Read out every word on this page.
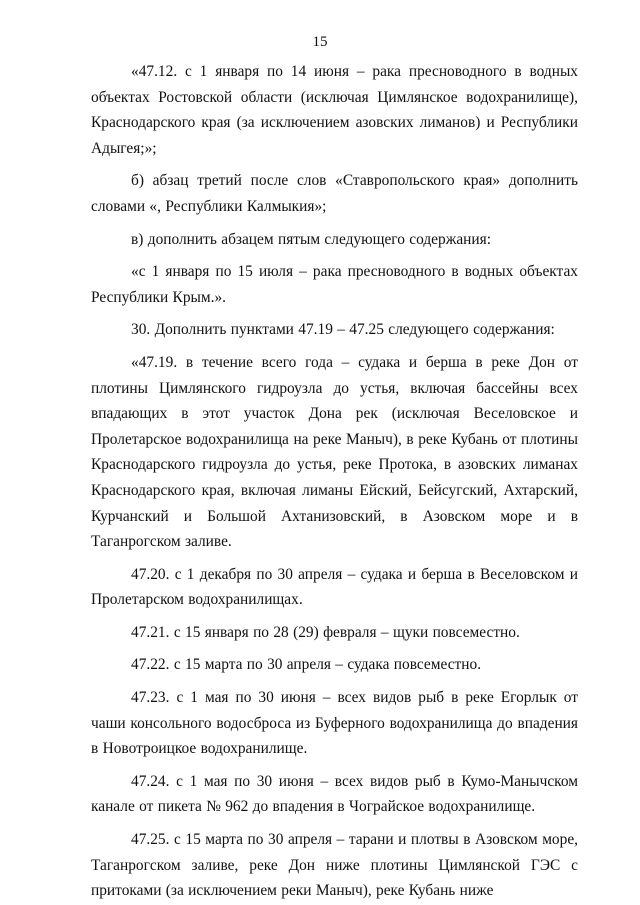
15

«47.12. с 1 января по 14 июня – рака пресноводного в водных объектах Ростовской области (исключая Цимлянское водохранилище), Краснодарского края (за исключением азовских лиманов) и Республики Адыгея;»;

б) абзац третий после слов «Ставропольского края» дополнить словами «, Республики Калмыкия»;

в) дополнить абзацем пятым следующего содержания:

«с 1 января по 15 июля – рака пресноводного в водных объектах Республики Крым.».

30. Дополнить пунктами 47.19 – 47.25 следующего содержания:

«47.19. в течение всего года – судака и берша в реке Дон от плотины Цимлянского гидроузла до устья, включая бассейны всех впадающих в этот участок Дона рек (исключая Веселовское и Пролетарское водохранилища на реке Маныч), в реке Кубань от плотины Краснодарского гидроузла до устья, реке Протока, в азовских лиманах Краснодарского края, включая лиманы Ейский, Бейсугский, Ахтарский, Курчанский и Большой Ахтанизовский, в Азовском море и в Таганрогском заливе.

47.20. с 1 декабря по 30 апреля – судака и берша в Веселовском и Пролетарском водохранилищах.

47.21. с 15 января по 28 (29) февраля – щуки повсеместно.

47.22. с 15 марта по 30 апреля – судака повсеместно.

47.23. с 1 мая по 30 июня – всех видов рыб в реке Егорлык от чаши консольного водосброса из Буферного водохранилища до впадения в Новотроицкое водохранилище.

47.24. с 1 мая по 30 июня – всех видов рыб в Кумо-Манычском канале от пикета № 962 до впадения в Чограйское водохранилище.

47.25. с 15 марта по 30 апреля – тарани и плотвы в Азовском море, Таганрогском заливе, реке Дон ниже плотины Цимлянской ГЭС с притоками (за исключением реки Маныч), реке Кубань ниже
